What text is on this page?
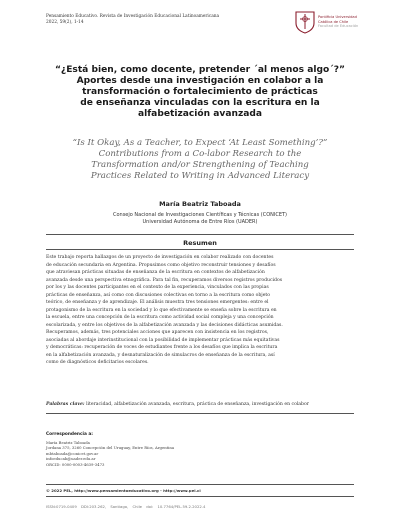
Pensamiento Educativo. Revista de Investigación Educacional Latinoamericana
2022, 59(2), 1-14
Pontificia Universidad
Católica de Chile
Facultad de Educación
“¿Está bien, como docente, pretender ´al menos algo´?”
Aportes desde una investigación en colabor a la
transformación o fortalecimiento de prácticas
de enseñanza vinculadas con la escritura en la
alfabetización avanzada
“Is It Okay, As a Teacher, to Expect ‘At Least Something’?”
Contributions from a Co-labor Research to the
Transformation and/or Strengthening of Teaching
Practices Related to Writing in Advanced Literacy
María Beatriz Taboada
Consejo Nacional de Investigaciones Científicas y Técnicas (CONICET)
Universidad Autónoma de Entre Ríos (UADER)
Resumen
Este trabajo reporta hallazgos de un proyecto de investigación en colabor realizado con docentes
de educación secundaria en Argentina. Propusimos como objetivo reconstruir tensiones y desafíos
que atraviesan prácticas situadas de enseñanza de la escritura en contextos de alfabetización
avanzada desde una perspectiva etnográfica. Para tal fin, recuperamos diversos registros producidos
por los y las docentes participantes en el contexto de la experiencia, vinculados con las propias
prácticas de enseñanza, así como con discusiones colectivas en torno a la escritura como objeto
teórico, de enseñanza y de aprendizaje. El análisis muestra tres tensiones emergentes: entre el
protagonismo de la escritura en la sociedad y lo que efectivamente se enseña sobre la escritura en
la escuela, entre una concepción de la escritura como actividad social compleja y una concepción
escolarizada, y entre los objetivos de la alfabetización avanzada y las decisiones didácticas asumidas.
Recuperamos, además, tres potenciales acciones que aparecen con insistencia en los registros,
asociadas al abordaje interinstitucional con la posibilidad de implementar prácticas más equitativas
y democráticas: recuperación de voces de estudiantes frente a los desafíos que implica la escritura
en la alfabetización avanzada, y desnaturalización de simulacros de enseñanza de la escritura, así
como de diagnósticos deficitarios escolares.
Palabras clave: literacidad, alfabetización avanzada, escritura, práctica de enseñanza, investigación en colabor
Correspondencia a:
María Beatriz Taboada
Jordana 375, 3260 Concepción del Uruguay, Entre Ríos, Argentina
mbtaboada@conicet.gov.ar
infoeducab@uader.edu.ar
ORCID: 0000-0003-4639-3473
© 2022 PEL, http://www.pensamientoeducativo.org - http://www.pel.cl
ISSN:0719-0409 DDI:203.262, Santiago, Chile doi: 10.7764/PEL.59.2.2022.4
